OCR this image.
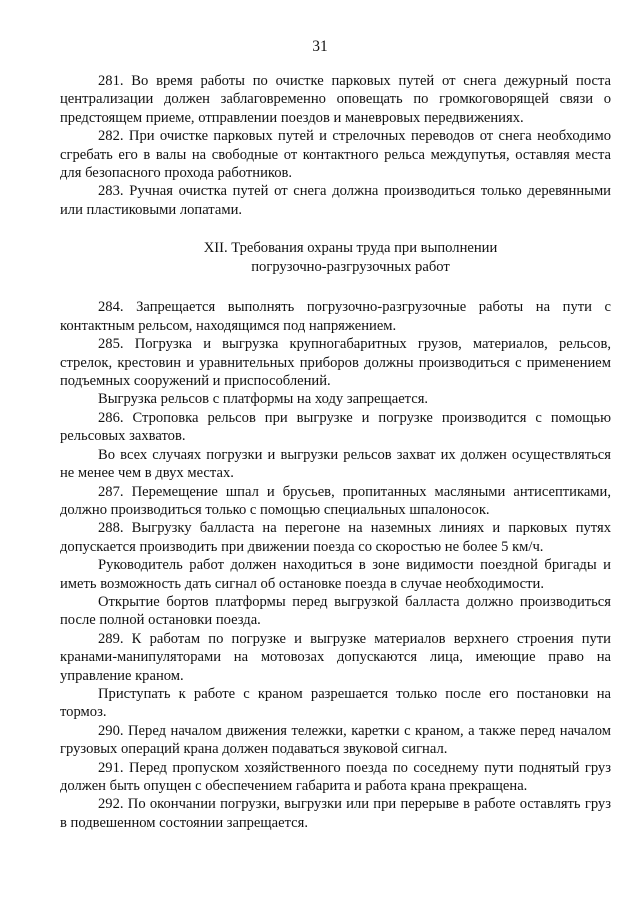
31

281. Во время работы по очистке парковых путей от снега дежурный поста централизации должен заблаговременно оповещать по громкоговорящей связи о предстоящем приеме, отправлении поездов и маневровых передвижениях.

282. При очистке парковых путей и стрелочных переводов от снега необходимо сгребать его в валы на свободные от контактного рельса междупутья, оставляя места для безопасного прохода работников.

283. Ручная очистка путей от снега должна производиться только деревянными или пластиковыми лопатами.

XII. Требования охраны труда при выполнении
погрузочно-разгрузочных работ

284. Запрещается выполнять погрузочно-разгрузочные работы на пути с контактным рельсом, находящимся под напряжением.

285. Погрузка и выгрузка крупногабаритных грузов, материалов, рельсов, стрелок, крестовин и уравнительных приборов должны производиться с применением подъемных сооружений и приспособлений.

Выгрузка рельсов с платформы на ходу запрещается.

286. Строповка рельсов при выгрузке и погрузке производится с помощью рельсовых захватов.

Во всех случаях погрузки и выгрузки рельсов захват их должен осуществляться не менее чем в двух местах.

287. Перемещение шпал и брусьев, пропитанных масляными антисептиками, должно производиться только с помощью специальных шпалоносок.

288. Выгрузку балласта на перегоне на наземных линиях и парковых путях допускается производить при движении поезда со скоростью не более 5 км/ч.

Руководитель работ должен находиться в зоне видимости поездной бригады и иметь возможность дать сигнал об остановке поезда в случае необходимости.

Открытие бортов платформы перед выгрузкой балласта должно производиться после полной остановки поезда.

289. К работам по погрузке и выгрузке материалов верхнего строения пути кранами-манипуляторами на мотовозах допускаются лица, имеющие право на управление краном.

Приступать к работе с краном разрешается только после его постановки на тормоз.

290. Перед началом движения тележки, каретки с краном, а также перед началом грузовых операций крана должен подаваться звуковой сигнал.

291. Перед пропуском хозяйственного поезда по соседнему пути поднятый груз должен быть опущен с обеспечением габарита и работа крана прекращена.

292. По окончании погрузки, выгрузки или при перерыве в работе оставлять груз в подвешенном состоянии запрещается.
